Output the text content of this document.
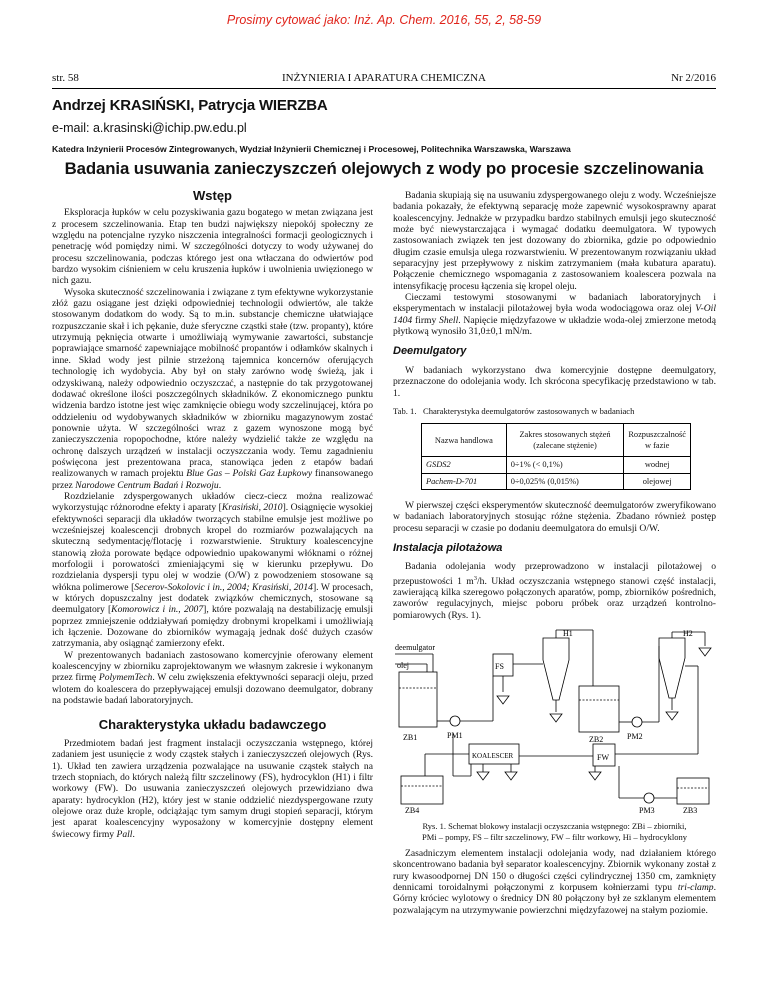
Prosimy cytować jako: Inż. Ap. Chem. 2016, 55, 2, 58-59
str. 58	INŻYNIERIA I APARATURA CHEMICZNA	Nr 2/2016
Andrzej KRASIŃSKI, Patrycja WIERZBA
e-mail: a.krasinski@ichip.pw.edu.pl
Katedra Inżynierii Procesów Zintegrowanych, Wydział Inżynierii Chemicznej i Procesowej, Politechnika Warszawska, Warszawa
Badania usuwania zanieczyszczeń olejowych z wody po procesie szczelinowania
Wstęp

Eksploracja łupków w celu pozyskiwania gazu bogatego w metan związana jest z procesem szczelinowania. Etap ten budzi największy niepokój społeczny ze względu na potencjalne ryzyko niszczenia integralności formacji geologicznych i penetrację wód pomiędzy nimi. W szczególności dotyczy to wody używanej do procesu szczelinowania, podczas którego jest ona wtłaczana do odwiertów pod bardzo wysokim ciśnieniem w celu kruszenia łupków i uwolnienia uwięzionego w nich gazu.

Wysoka skuteczność szczelinowania i związane z tym efektywne wykorzystanie złóż gazu osiągane jest dzięki odpowiedniej technologii odwiertów, ale także stosowanym dodatkom do wody. Są to m.in. substancje chemiczne ułatwiające rozpuszczanie skał i ich pękanie, duże sferyczne cząstki stałe (tzw. propanty), które utrzymują pęknięcia otwarte i umożliwiają wymywanie zawartości, substancje poprawiające smarność zapewniające mobilność propantów i odłamków skalnych i inne. Skład wody jest pilnie strzeżoną tajemnica koncernów oferujących technologię ich wydobycia. Aby był on stały zarówno wodę świeżą, jak i odzyskiwaną, należy odpowiednio oczyszczać, a następnie do tak przygotowanej dodawać określone ilości poszczególnych składników. Z ekonomicznego punktu widzenia bardzo istotne jest więc zamknięcie obiegu wody szczelinującej, która po oddzieleniu od wydobywanych składników w zbiorniku magazynowym zostać ponownie użyta. W szczególności wraz z gazem wynoszone mogą być zanieczyszczenia ropopochodne, które należy wydzielić także ze względu na ochronę dalszych urządzeń w instalacji oczyszczania wody. Temu zagadnieniu poświęcona jest prezentowana praca, stanowiąca jeden z etapów badań realizowanych w ramach projektu Blue Gas – Polski Gaz Łupkowy finansowanego przez Narodowe Centrum Badań i Rozwoju.

Rozdzielanie zdyspergowanych układów ciecz-ciecz można realizować wykorzystując różnorodne efekty i aparaty [Krasiński, 2010]. Osiągnięcie wysokiej efektywności separacji dla układów tworzących stabilne emulsje jest możliwe po wcześniejszej koalescencji drobnych kropel do rozmiarów pozwalających na skuteczną sedymentację/flotację i rozwarstwienie. Struktury koalescencyjne stanowią złoża porowate będące odpowiednio upakowanymi włóknami o różnej morfologii i porowatości zmieniającymi się w kierunku przepływu. Do rozdzielania dyspersji typu olej w wodzie (O/W) z powodzeniem stosowane są włókna polimerowe [Secerov-Sokolovic i in., 2004; Krasiński, 2014]. W procesach, w których dopuszczalny jest dodatek związków chemicznych, stosowane są deemulgatory [Komorowicz i in., 2007], które pozwalają na destabilizację emulsji poprzez zmniejszenie oddziaływań pomiędzy drobnymi kropelkami i umożliwiają ich łączenie. Dozowane do zbiorników wymagają jednak dość dużych czasów zatrzymania, aby osiągnąć zamierzony efekt.

W prezentowanych badaniach zastosowano komercyjnie oferowany element koalescencyjny w zbiorniku zaprojektowanym we własnym zakresie i wykonanym przez firmę PolymemTech. W celu zwiększenia efektywności separacji oleju, przed wlotem do koalescera do przepływającej emulsji dozowano deemulgator, dobrany na podstawie badań laboratoryjnych.

Charakterystyka układu badawczego

Przedmiotem badań jest fragment instalacji oczyszczania wstępnego, której zadaniem jest usunięcie z wody cząstek stałych i zanieczyszczeń olejowych (Rys. 1). Układ ten zawiera urządzenia pozwalające na usuwanie cząstek stałych na trzech stopniach, do których należą filtr szczelinowy (FS), hydrocyklon (H1) i filtr workowy (FW). Do usuwania zanieczyszczeń olejowych przewidziano dwa aparaty: hydrocyklon (H2), który jest w stanie oddzielić niezdyspergowane rzuty olejowe oraz duże krople, odciążając tym samym drugi stopień separacji, którym jest aparat koalescencyjny wyposażony w komercyjnie dostępny element świecowy firmy Pall.

Badania skupiają się na usuwaniu zdyspergowanego oleju z wody. Wcześniejsze badania pokazały, że efektywną separację może zapewnić wysokosprawny aparat koalescencyjny. Jednakże w przypadku bardzo stabilnych emulsji jego skuteczność może być niewystarczająca i wymagać dodatku deemulgatora. W typowych zastosowaniach związek ten jest dozowany do zbiornika, gdzie po odpowiednio długim czasie emulsja ulega rozwarstwieniu. W prezentowanym rozwiązaniu układ separacyjny jest przepływowy z niskim zatrzymaniem (mała kubatura aparatu). Połączenie chemicznego wspomagania z zastosowaniem koalescera pozwala na intensyfikację procesu łączenia się kropel oleju.

Cieczami testowymi stosowanymi w badaniach laboratoryjnych i eksperymentach w instalacji pilotażowej była woda wodociągowa oraz olej V-Oil 1404 firmy Shell. Napięcie międzyfazowe w układzie woda-olej zmierzone metodą płytkową wynosiło 31,0±0,1 mN/m.

Deemulgatory

W badaniach wykorzystano dwa komercyjnie dostępne deemulgatory, przeznaczone do odolejania wody. Ich skrócona specyfikację przedstawiono w tab. 1.

Tab. 1. Charakterystyka deemulgatorów zastosowanych w badaniach
Nazwa handlowa	Zakres stosowanych stężeń (zalecane stężenie)	Rozpuszczalność w fazie
GSDS2	0÷1% (< 0,1%)	wodnej
Pachem-D-701	0÷0,025% (0,015%)	olejowej

W pierwszej części eksperymentów skuteczność deemulgatorów zweryfikowano w badaniach laboratoryjnych stosując różne stężenia. Zbadano również postęp procesu separacji w czasie po dodaniu deemulgatora do emulsji O/W.

Instalacja pilotażowa

Badania odolejania wody przeprowadzono w instalacji pilotażowej o przepustowości 1 $m^3/h$. Układ oczyszczania wstępnego stanowi część instalacji, zawierającą kilka szeregowo połączonych aparatów, pomp, zbiorników pośrednich, zaworów regulacyjnych, miejsc poboru próbek oraz urządzeń kontrolno-pomiarowych (Rys. 1).

deemulgator
olej	FS
H1	H2
ZB1	PM1	ZB2	PM2
FW
KOALESCER
ZB4	PM3	ZB3
Rys. 1. Schemat blokowy instalacji oczyszczania wstępnego: ZBi – zbiorniki,
PMi – pompy, FS – filtr szczelinowy, FW – filtr workowy, Hi – hydrocyklony

Zasadniczym elementem instalacji odolejania wody, nad działaniem którego skoncentrowano badania był separator koalescencyjny. Zbiornik wykonany został z rury kwasoodpornej DN 150 o długości części cylindrycznej 1350 cm, zamknięty dennicami toroidalnymi połączonymi z korpusem kołnierzami typu tri-clamp. Górny króciec wylotowy o średnicy DN 80 połączony był ze szklanym elementem pozwalającym na utrzymywanie powierzchni międzyfazowej na stałym poziomie.
